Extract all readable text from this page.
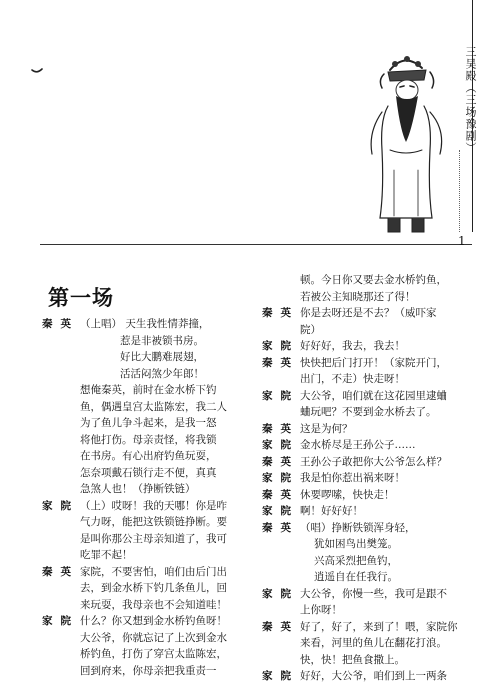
三吴殿（三场豫剧）
1
第一场
秦英 （上唱） 天生我性情莽撞，
惹是非被锁书房。
好比大鹏难展翅，
活活闷煞少年郎！
想俺秦英，前时在金水桥下钓
鱼，偶遇皇宫太监陈宏，我二人
为了鱼儿争斗起来，是我一怒
将他打伤。母亲责怪，将我锁
在书房。有心出府钓鱼玩耍，
怎奈项戴石锁行走不便，真真
急煞人也！（挣断铁链）
家院 （上）哎呀！我的天哪！你是咋
气力呀，能把这铁锁链挣断。要
是叫你那公主母亲知道了，我可
吃罪不起！
秦英 家院，不要害怕，咱们由后门出
去，到金水桥下钓几条鱼儿，回
来玩耍，我母亲也不会知道哇！
家院 什么？你又想到金水桥钓鱼呀！
大公爷，你就忘记了上次到金水
桥钓鱼，打伤了穿宫太监陈宏，
回到府来，你母亲把我重责一
顿。今日你又要去金水桥钓鱼，
若被公主知晓那还了得！
秦英 你是去呀还是不去？（威吓家
院）
家院 好好好，我去，我去！
秦英 快快把后门打开！（家院开门，
出门，不走）快走呀！
家院 大公爷，咱们就在这花园里逮蛐
蛐玩吧？不要到金水桥去了。
秦英 这是为何？
家院 金水桥尽是王孙公子……
秦英 王孙公子敢把你大公爷怎么样？
家院 我是怕你惹出祸来呀！
秦英 休要啰嗦，快快走！
家院 啊！好好好！
秦英 （唱）挣断铁锁浑身轻，
犹如困鸟出樊笼。
兴高采烈把鱼钓，
逍遥自在任我行。
家院 大公爷，你慢一些，我可是跟不
上你呀！
秦英 好了，好了，来到了！喂，家院你
来看，河里的鱼儿在翻花打浪。
快，快！把鱼食撒上。
家院 好好，大公爷，咱们到上一两条
